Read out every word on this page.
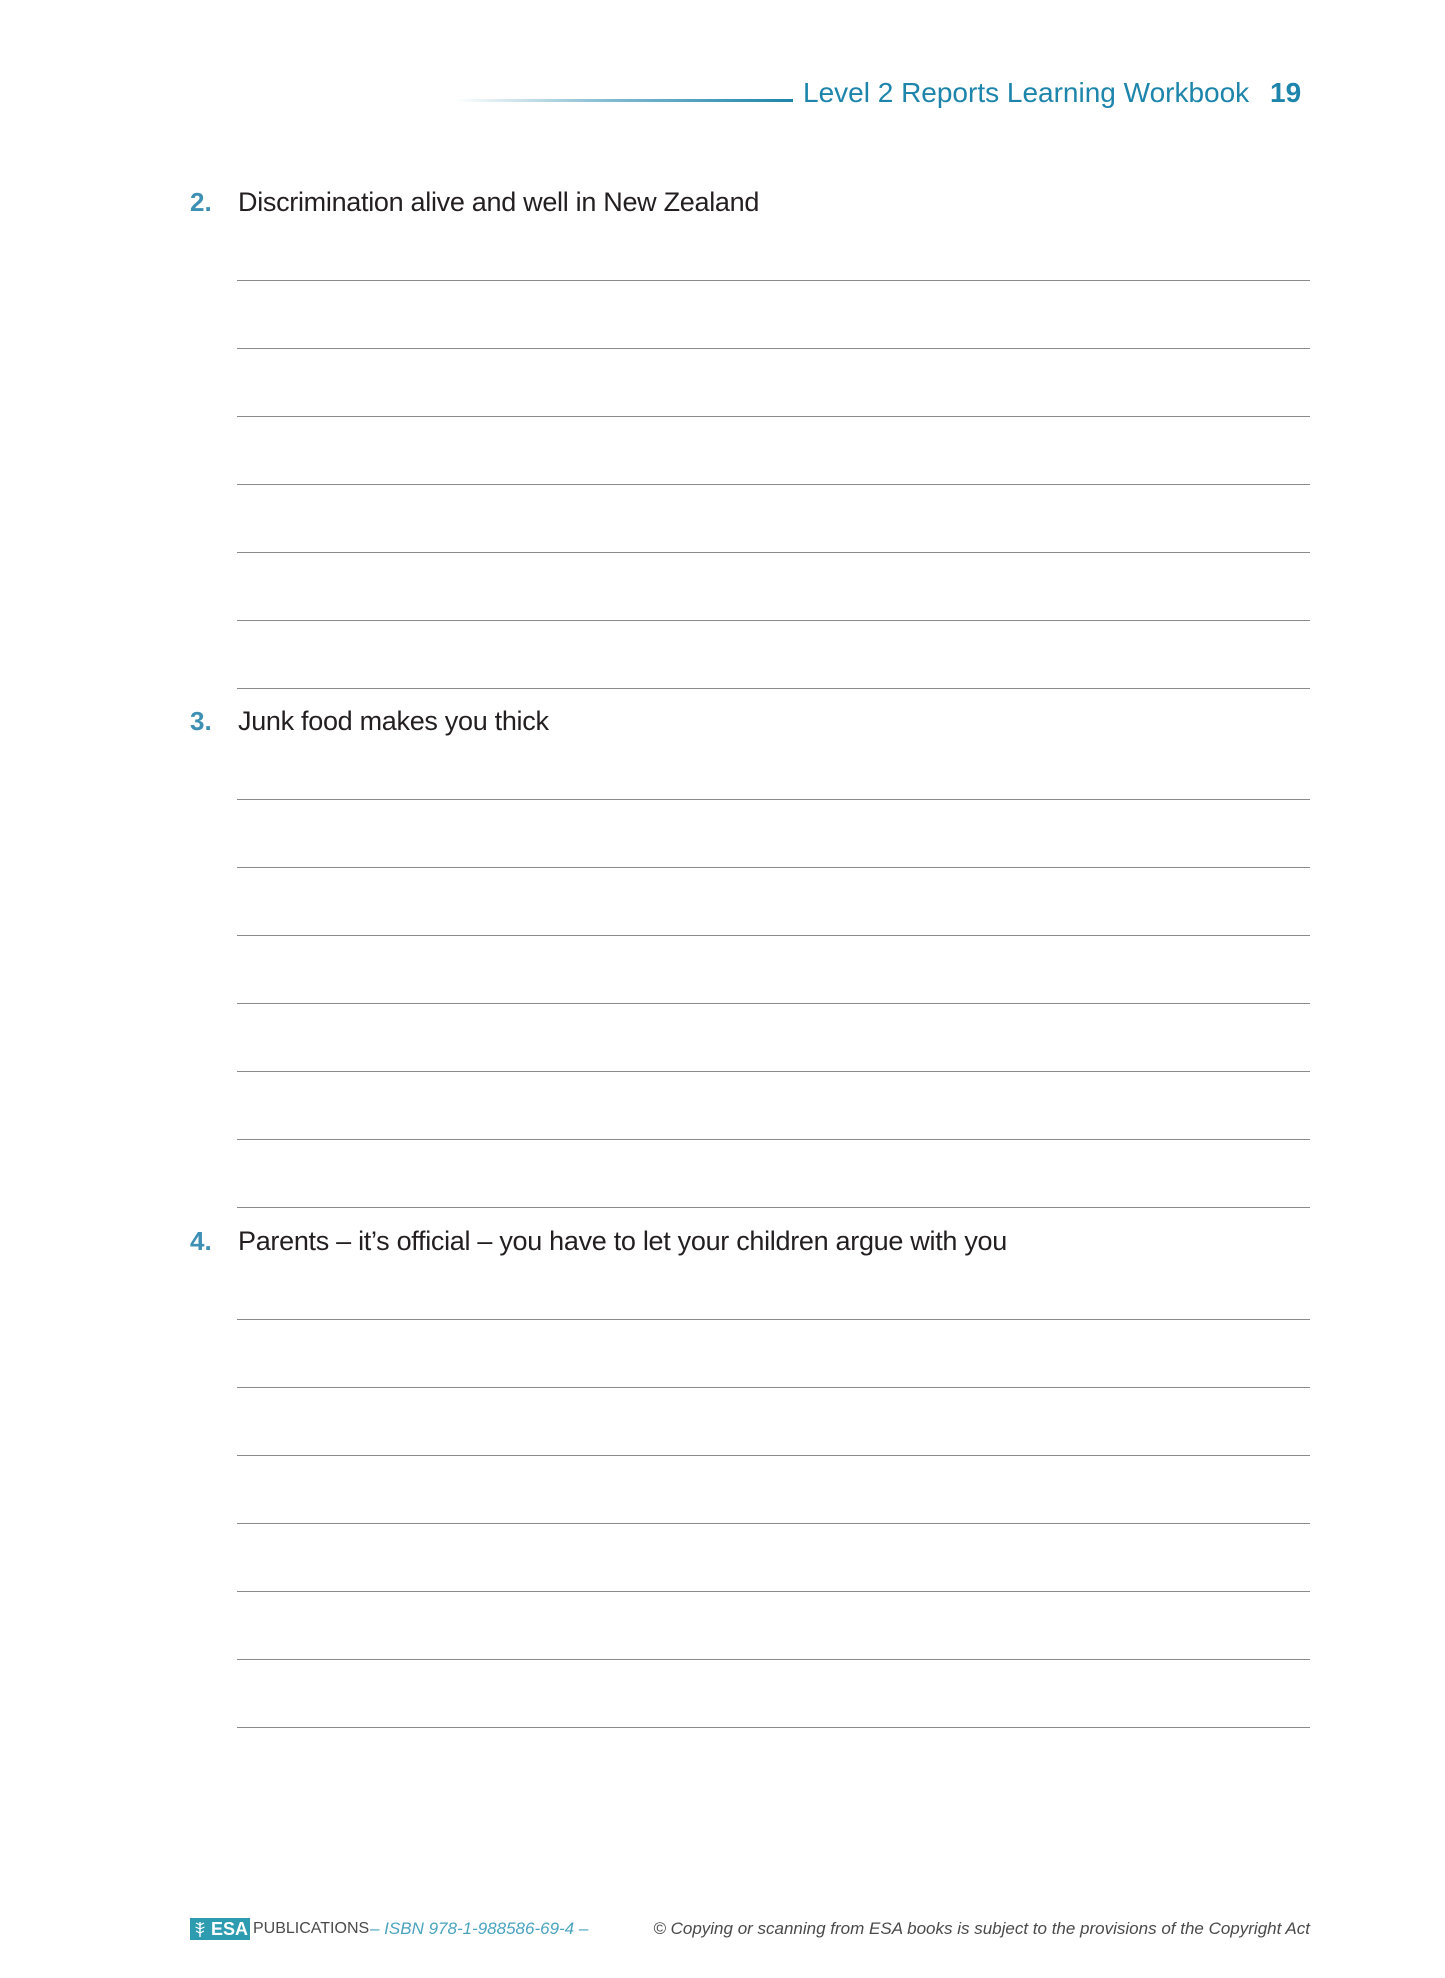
Level 2 Reports Learning Workbook 19
2. Discrimination alive and well in New Zealand
3. Junk food makes you thick
4. Parents – it’s official – you have to let your children argue with you
ESA PUBLICATIONS – ISBN 978-1-988586-69-4 –	© Copying or scanning from ESA books is subject to the provisions of the Copyright Act
